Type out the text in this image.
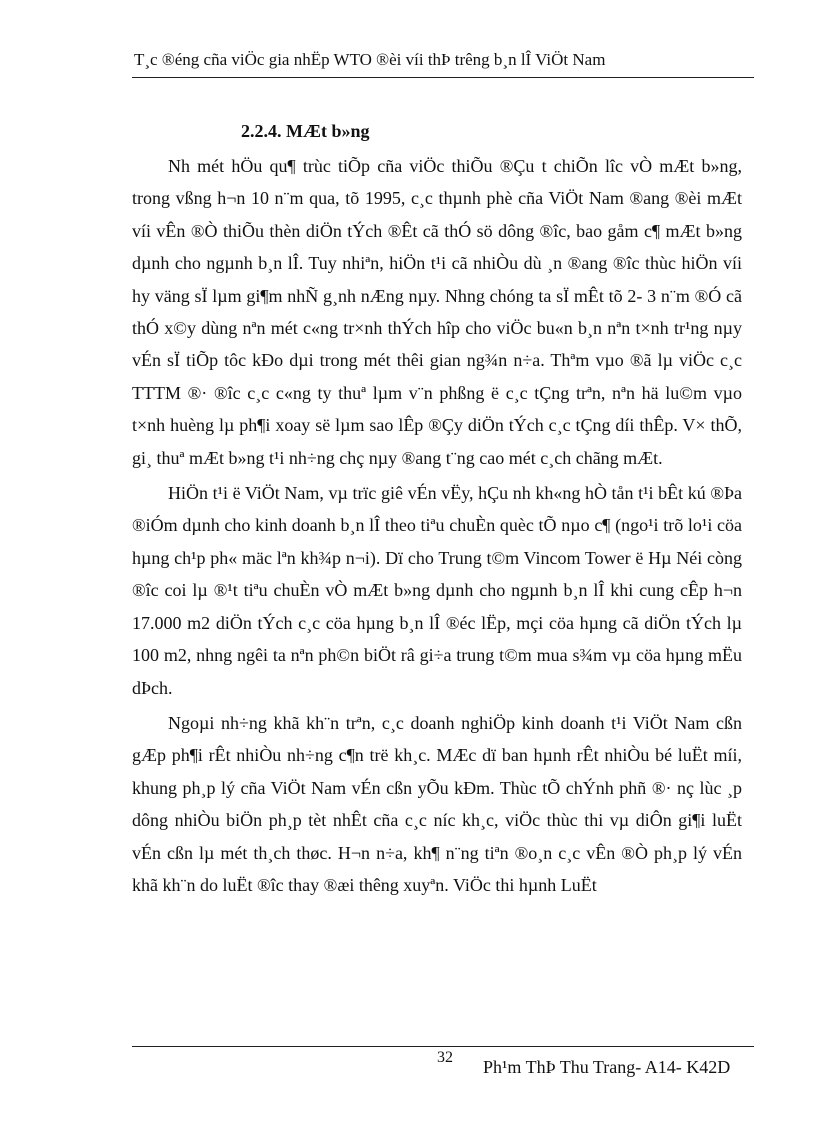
T¸c ®éng cña viÖc gia nhËp WTO ®èi víi thÞ trêng b¸n lÎ ViÖt Nam
2.2.4. MÆt b»ng

Nh mét hÖu qu¶ trùc tiÕp cña viÖc thiÕu ®Çu t chiÕn lîc vÒ mÆt b»ng, trong vßng h¬n 10 n¨m qua, tõ 1995, c¸c thµnh phè cña ViÖt Nam ®ang ®èi mÆt víi vÊn ®Ò thiÕu thèn diÖn tÝch ®Êt cã thÓ sö dông ®îc, bao gåm c¶ mÆt b»ng dµnh cho ngµnh b¸n lÎ. Tuy nhiªn, hiÖn t¹i cã nhiÒu dù ¸n ®ang ®îc thùc hiÖn víi hy väng sÏ lµm gi¶m nhÑ g¸nh nÆng nµy. Nhng chóng ta sÏ mÊt tõ 2- 3 n¨m ®Ó cã thÓ x©y dùng nªn mét c«ng tr×nh thÝch hîp cho viÖc bu«n b¸n nªn t×nh tr¹ng nµy vÉn sÏ tiÕp tôc kÐo dµi trong mét thêi gian ng¾n n÷a. Thªm vµo ®ã lµ viÖc c¸c TTTM ®· ®îc c¸c c«ng ty thuª lµm v¨n phßng ë c¸c tÇng trªn, nªn hä lu©m vµo t×nh huèng lµ ph¶i xoay së lµm sao lÊp ®Çy diÖn tÝch c¸c tÇng díi thÊp. V× thÕ, gi¸ thuª mÆt b»ng t¹i nh÷ng chç nµy ®ang t¨ng cao mét c¸ch chãng mÆt.

HiÖn t¹i ë ViÖt Nam, vµ trïc giê vÉn vËy, hÇu nh kh«ng hÒ tån t¹i bÊt kú ®Þa ®iÓm dµnh cho kinh doanh b¸n lÎ theo tiªu chuÈn quèc tÕ nµo c¶ (ngo¹i trõ lo¹i cöa hµng ch¹p ph« mäc lªn kh¾p n¬i). Dï cho Trung t©m Vincom Tower ë Hµ Néi còng ®îc coi lµ ®¹t tiªu chuÈn vÒ mÆt b»ng dµnh cho ngµnh b¸n lÎ khi cung cÊp h¬n 17.000 m2 diÖn tÝch c¸c cöa hµng b¸n lÎ ®éc lËp, mçi cöa hµng cã diÖn tÝch lµ 100 m2, nhng ngêi ta nªn ph©n biÖt râ gi÷a trung t©m mua s¾m vµ cöa hµng mËu dÞch.

Ngoµi nh÷ng khã kh¨n trªn, c¸c doanh nghiÖp kinh doanh t¹i ViÖt Nam cßn gÆp ph¶i rÊt nhiÒu nh÷ng c¶n trë kh¸c. MÆc dï ban hµnh rÊt nhiÒu bé luËt míi, khung ph¸p lý cña ViÖt Nam vÉn cßn yÕu kÐm. Thùc tÕ chÝnh phñ ®· nç lùc ¸p dông nhiÒu biÖn ph¸p tèt nhÊt cña c¸c níc kh¸c, viÖc thùc thi vµ diÔn gi¶i luËt vÉn cßn lµ mét th¸ch thøc. H¬n n÷a, kh¶ n¨ng tiªn ®o¸n c¸c vÊn ®Ò ph¸p lý vÉn khã kh¨n do luËt ®îc thay ®æi thêng xuyªn. ViÖc thi hµnh LuËt

32 Ph¹m ThÞ Thu Trang- A14- K42D
